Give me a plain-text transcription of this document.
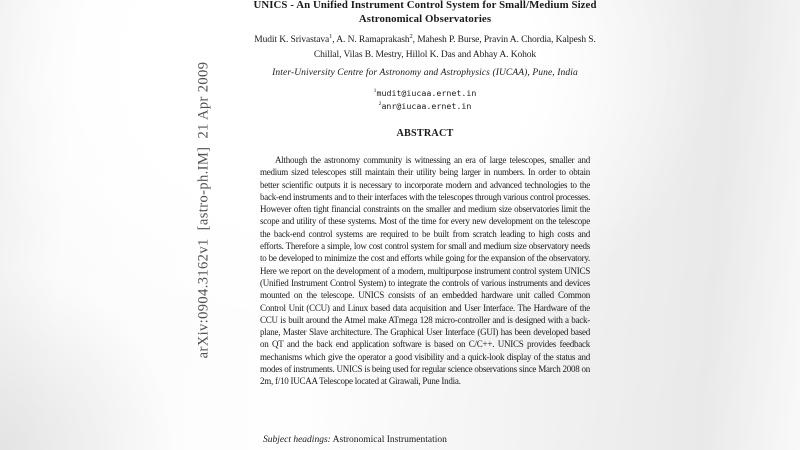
arXiv:0904.3162v1  [astro-ph.IM]  21 Apr 2009
UNICS - An Unified Instrument Control System for Small/Medium Sized
Astronomical Observatories
Mudit K. Srivastava$^1$, A. N. Ramaprakash$^2$, Mahesh P. Burse, Pravin A. Chordia, Kalpesh S.
Chillal, Vilas B. Mestry, Hillol K. Das and Abhay A. Kohok
Inter-University Centre for Astronomy and Astrophysics (IUCAA), Pune, India
$^1$mudit@iucaa.ernet.in
$^2$anr@iucaa.ernet.in
ABSTRACT
Although the astronomy community is witnessing an era of large telescopes, smaller and medium sized telescopes still maintain their utility being larger in numbers. In order to obtain better scientific outputs it is necessary to incorporate modern and advanced technologies to the back-end instruments and to their interfaces with the telescopes through various control processes. However often tight financial constraints on the smaller and medium size observatories limit the scope and utility of these systems. Most of the time for every new development on the telescope the back-end control systems are required to be built from scratch leading to high costs and efforts. Therefore a simple, low cost control system for small and medium size observatory needs to be developed to minimize the cost and efforts while going for the expansion of the observatory. Here we report on the development of a modern, multipurpose instrument control system UNICS (Unified Instrument Control System) to integrate the controls of various instruments and devices mounted on the telescope. UNICS consists of an embedded hardware unit called Common Control Unit (CCU) and Linux based data acquisition and User Interface. The Hardware of the CCU is built around the Atmel make ATmega 128 micro-controller and is designed with a back-plane, Master Slave architecture. The Graphical User Interface (GUI) has been developed based on QT and the back end application software is based on C/C++. UNICS provides feedback mechanisms which give the operator a good visibility and a quick-look display of the status and modes of instruments. UNICS is being used for regular science observations since March 2008 on 2m, f/10 IUCAA Telescope located at Girawali, Pune India.
Subject headings: Astronomical Instrumentation
